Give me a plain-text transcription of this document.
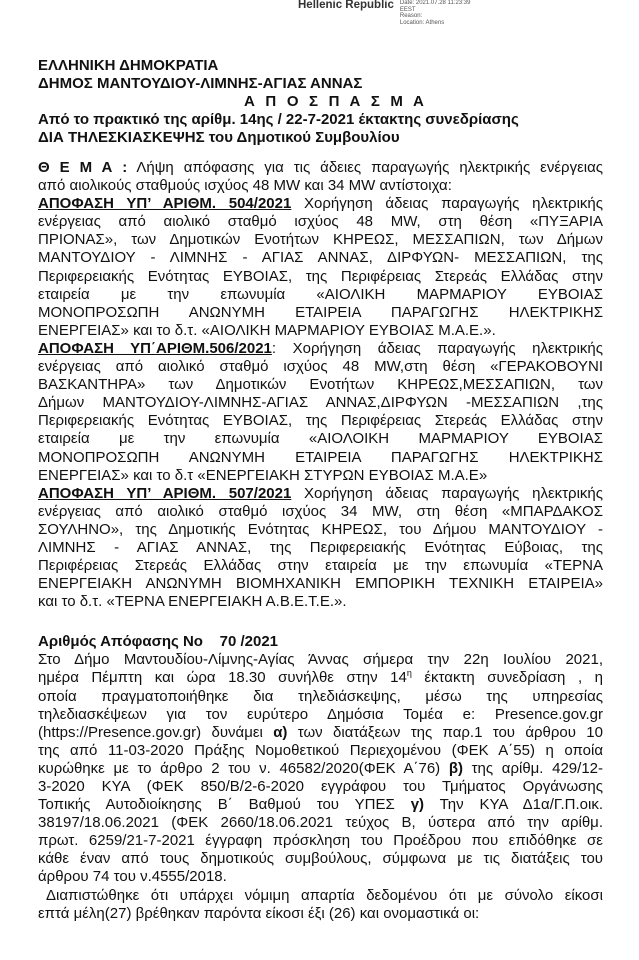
Hellenic Republic Date: 2021.07.28 11:23:39
EEST
Reason:
Location: Athens
ΕΛΛΗΝΙΚΗ ΔΗΜΟΚΡΑΤΙΑ
ΔΗΜΟΣ ΜΑΝΤΟΥΔΙΟΥ-ΛΙΜΝΗΣ-ΑΓΙΑΣ ΑΝΝΑΣ
Α Π Ο Σ Π Α Σ Μ Α
Από το πρακτικό της αρίθμ. 14ης / 22-7-2021 έκτακτης συνεδρίασης
ΔΙΑ ΤΗΛΕΣΚΙΑΣΚΕΨΗΣ του Δημοτικού Συμβουλίου

Θ Ε Μ Α : Λήψη απόφασης για τις άδειες παραγωγής ηλεκτρικής ενέργειας
από αιολικούς σταθμούς ισχύος 48 MW και 34 MW αντίστοιχα:

ΑΠΟΦΑΣΗ ΥΠ’ ΑΡΙΘΜ. 504/2021 Χορήγηση άδειας παραγωγής ηλεκτρικής
ενέργειας από αιολικό σταθμό ισχύος 48 MW, στη θέση «ΠΥΞΑΡΙΑ
ΠΡΙΟΝΑΣ», των Δημοτικών Ενοτήτων ΚΗΡΕΩΣ, ΜΕΣΣΑΠΙΩΝ, των Δήμων
ΜΑΝΤΟΥΔΙΟΥ - ΛΙΜΝΗΣ - ΑΓΙΑΣ ΑΝΝΑΣ, ΔΙΡΦΥΩΝ- ΜΕΣΣΑΠΙΩΝ, της
Περιφερειακής Ενότητας ΕΥΒΟΙΑΣ, της Περιφέρειας Στερεάς Ελλάδας στην
εταιρεία με την επωνυμία «ΑΙΟΛΙΚΗ ΜΑΡΜΑΡΙΟΥ ΕΥΒΟΙΑΣ
ΜΟΝΟΠΡΟΣΩΠΗ ΑΝΩΝΥΜΗ ΕΤΑΙΡΕΙΑ ΠΑΡΑΓΩΓΗΣ ΗΛΕΚΤΡΙΚΗΣ
ΕΝΕΡΓΕΙΑΣ» και το δ.τ. «ΑΙΟΛΙΚΗ ΜΑΡΜΑΡΙΟΥ ΕΥΒΟΙΑΣ Μ.Α.Ε.».

ΑΠΟΦΑΣΗ ΥΠ΄ΑΡΙΘΜ.506/2021: Χορήγηση άδειας παραγωγής ηλεκτρικής
ενέργειας από αιολικό σταθμό ισχύος 48 MW,στη θέση «ΓΕΡΑΚΟΒΟΥΝΙ
ΒΑΣΚΑΝΤΗΡΑ» των Δημοτικών Ενοτήτων ΚΗΡΕΩΣ,ΜΕΣΣΑΠΙΩΝ, των
Δήμων ΜΑΝΤΟΥΔΙΟΥ-ΛΙΜΝΗΣ-ΑΓΙΑΣ ΑΝΝΑΣ,ΔΙΡΦΥΩΝ -ΜΕΣΣΑΠΙΩΝ ,της
Περιφερειακής Ενότητας ΕΥΒΟΙΑΣ, της Περιφέρειας Στερεάς Ελλάδας στην
εταιρεία με την επωνυμία «ΑΙΟΛΟΙΚΗ ΜΑΡΜΑΡΙΟΥ ΕΥΒΟΙΑΣ
ΜΟΝΟΠΡΟΣΩΠΗ ΑΝΩΝΥΜΗ ΕΤΑΙΡΕΙΑ ΠΑΡΑΓΩΓΗΣ ΗΛΕΚΤΡΙΚΗΣ
ΕΝΕΡΓΕΙΑΣ» και το δ.τ «ΕΝΕΡΓΕΙΑΚΗ ΣΤΥΡΩΝ ΕΥΒΟΙΑΣ Μ.Α.Ε»

ΑΠΟΦΑΣΗ ΥΠ’ ΑΡΙΘΜ. 507/2021 Χορήγηση άδειας παραγωγής ηλεκτρικής
ενέργειας από αιολικό σταθμό ισχύος 34 MW, στη θέση «ΜΠΑΡΔΑΚΟΣ
ΣΟΥΛΗΝΟ», της Δημοτικής Ενότητας ΚΗΡΕΩΣ, του Δήμου ΜΑΝΤΟΥΔΙΟΥ -
ΛΙΜΝΗΣ - ΑΓΙΑΣ ΑΝΝΑΣ, της Περιφερειακής Ενότητας Εύβοιας, της
Περιφέρειας Στερεάς Ελλάδας στην εταιρεία με την επωνυμία «ΤΕΡΝΑ
ΕΝΕΡΓΕΙΑΚΗ ΑΝΩΝΥΜΗ ΒΙΟΜΗΧΑΝΙΚΗ ΕΜΠΟΡΙΚΗ ΤΕΧΝΙΚΗ ΕΤΑΙΡΕΙΑ»
και το δ.τ. «ΤΕΡΝΑ ΕΝΕΡΓΕΙΑΚΗ Α.Β.Ε.Τ.Ε.».

Αριθμός Απόφασης Νο    70 /2021

Στο Δήμο Μαντουδίου-Λίμνης-Αγίας Άννας σήμερα την 22η Ιουλίου 2021,
ημέρα Πέμπτη και ώρα 18.30 συνήλθε στην $14^\eta$ έκτακτη συνεδρίαση , η
οποία πραγματοποιήθηκε δια τηλεδιάσκεψης, μέσω της υπηρεσίας
τηλεδιασκέψεων για τον ευρύτερο Δημόσια Τομέα e: Presence.gov.gr
(https://Presence.gov.gr) δυνάμει α) των διατάξεων της παρ.1 του άρθρου 10
της από 11-03-2020 Πράξης Νομοθετικού Περιεχομένου (ΦΕΚ Α΄55) η οποία
κυρώθηκε με το άρθρο 2 του ν. 46582/2020(ΦΕΚ Α΄76) β) της αρίθμ. 429/12-
3-2020 ΚΥΑ (ΦΕΚ 850/Β/2-6-2020 εγγράφου του Τμήματος Οργάνωσης
Τοπικής Αυτοδιοίκησης Β΄ Βαθμού του ΥΠΕΣ γ) Την ΚΥΑ Δ1α/Γ.Π.οικ.
38197/18.06.2021 (ΦΕΚ 2660/18.06.2021 τεύχος Β, ύστερα από την αρίθμ.
πρωτ. 6259/21-7-2021 έγγραφη πρόσκληση του Προέδρου που επιδόθηκε σε
κάθε έναν από τους δημοτικούς συμβούλους, σύμφωνα με τις διατάξεις του
άρθρου 74 του ν.4555/2018.

Διαπιστώθηκε ότι υπάρχει νόμιμη απαρτία δεδομένου ότι με σύνολο είκοσι
επτά μέλη(27) βρέθηκαν παρόντα είκοσι έξι (26) και ονομαστικά οι:
